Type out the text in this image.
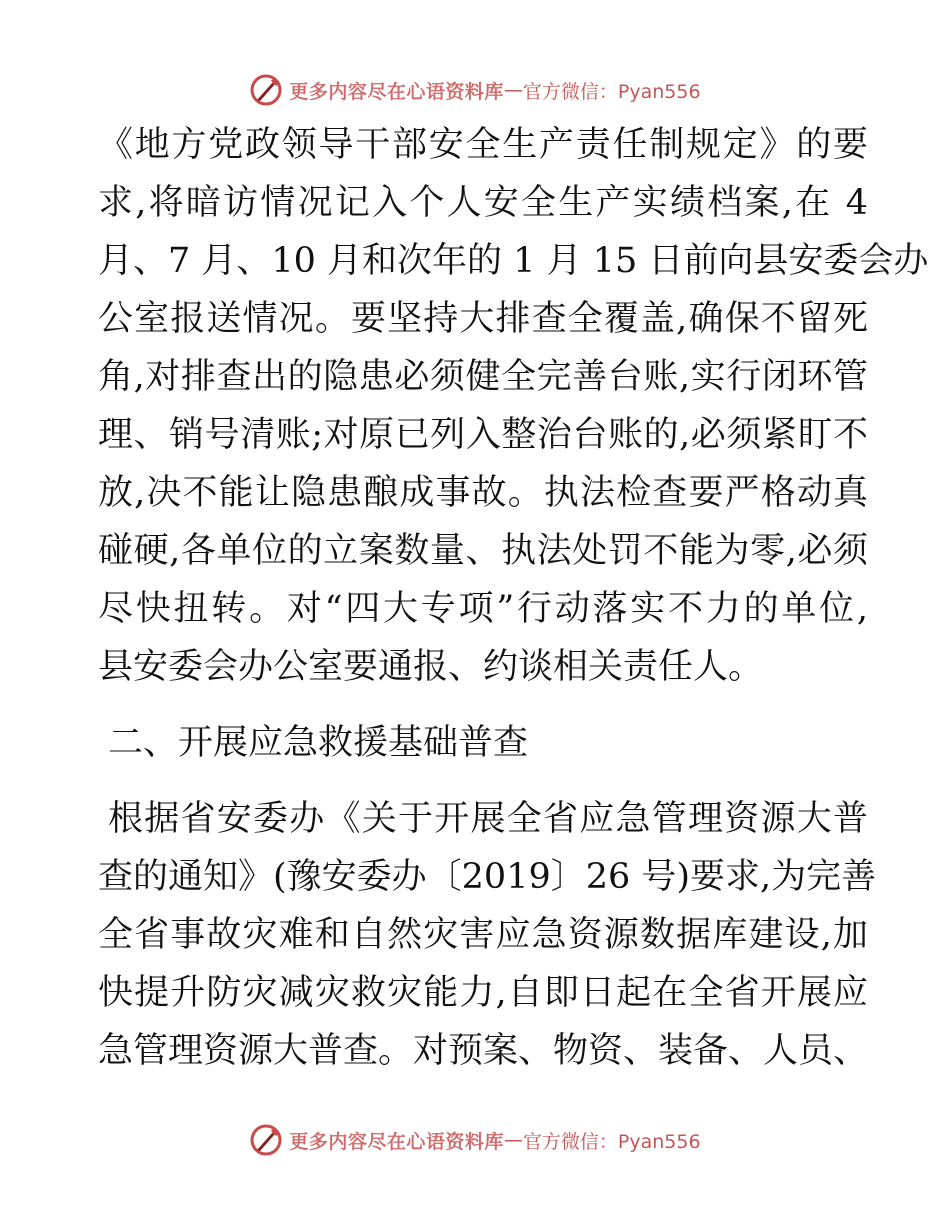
更多内容尽在心语资料库 — 官方微信：Pyan556
《地方党政领导干部安全生产责任制规定》的要
求,将暗访情况记入个人安全生产实绩档案,在 4
月、7 月、10 月和次年的 1 月 15 日前向县安委会办
公室报送情况。要坚持大排查全覆盖,确保不留死
角,对排查出的隐患必须健全完善台账,实行闭环管
理、销号清账;对原已列入整治台账的,必须紧盯不
放,决不能让隐患酿成事故。执法检查要严格动真
碰硬,各单位的立案数量、执法处罚不能为零,必须
尽快扭转。对“四大专项”行动落实不力的单位,
县安委会办公室要通报、约谈相关责任人。
二、开展应急救援基础普查
根据省安委办《关于开展全省应急管理资源大普
查的通知》(豫安委办〔2019〕26 号)要求,为完善
全省事故灾难和自然灾害应急资源数据库建设,加
快提升防灾减灾救灾能力,自即日起在全省开展应
急管理资源大普查。对预案、物资、装备、人员、
更多内容尽在心语资料库 — 官方微信：Pyan556
